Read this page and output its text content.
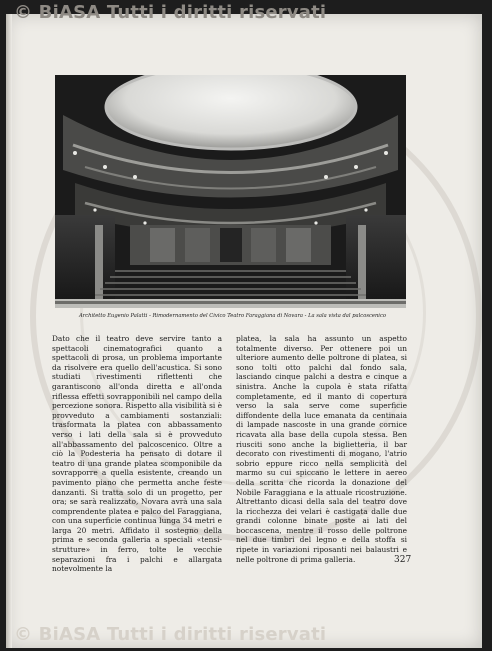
© BiASA Tutti i diritti riservati
Architetto Eugenio Palatti - Rimodernamento del Civico Teatro Faraggiana di Novara - La sala vista dal palcoscenico

Dato che il teatro deve servire tanto a spettacoli cinematografici quanto a spettacoli di prosa, un problema importante da risolvere era quello dell'acustica. Si sono studiati rivestimenti riflettenti che garantiscono all'onda diretta e all'onda riflessa effetti sovrapponibili nel campo della percezione sonora. Rispetto alla visibilità si è provveduto a cambiamenti sostanziali: trasformata la platea con abbassamento verso i lati della sala si è provveduto all'abbassamento del palcoscenico. Oltre a ciò la Podesteria ha pensato di dotare il teatro di una grande platea scomponibile da sovrapporre a quella esistente, creando un pavimento piano che permetta anche feste danzanti. Si tratta solo di un progetto, per ora; se sarà realizzato, Novara avrà una sala comprendente platea e palco del Faraggiana, con una superficie continua lunga 34 metri e larga 20 metri. Affidato il sostegno della prima e seconda galleria a speciali «tensi-strutture» in ferro, tolte le vecchie separazioni fra i palchi e allargata notevolmente la

platea, la sala ha assunto un aspetto totalmente diverso. Per ottenere poi un ulteriore aumento delle poltrone di platea, si sono tolti otto palchi dal fondo sala, lasciando cinque palchi a destra e cinque a sinistra. Anche la cupola è stata rifatta completamente, ed il manto di copertura verso la sala serve come superficie diffondente della luce emanata da centinaia di lampade nascoste in una grande cornice ricavata alla base della cupola stessa. Ben riusciti sono anche la biglietteria, il bar decorato con rivestimenti di mogano, l'atrio sobrio eppure ricco nella semplicità del marmo su cui spiccano le lettere in aereo della scritta che ricorda la donazione del Nobile Faraggiana e la attuale ricostruzione. Altrettanto dicasi della sala del teatro dove la ricchezza dei velari è castigata dalle due grandi colonne binate poste ai lati del boccascena, mentre il rosso delle poltrone nel due timbri del legno e della stoffa si ripete in variazioni riposanti nei balaustri e nelle poltrone di prima galleria.	327
© BiASA Tutti i diritti riservati
